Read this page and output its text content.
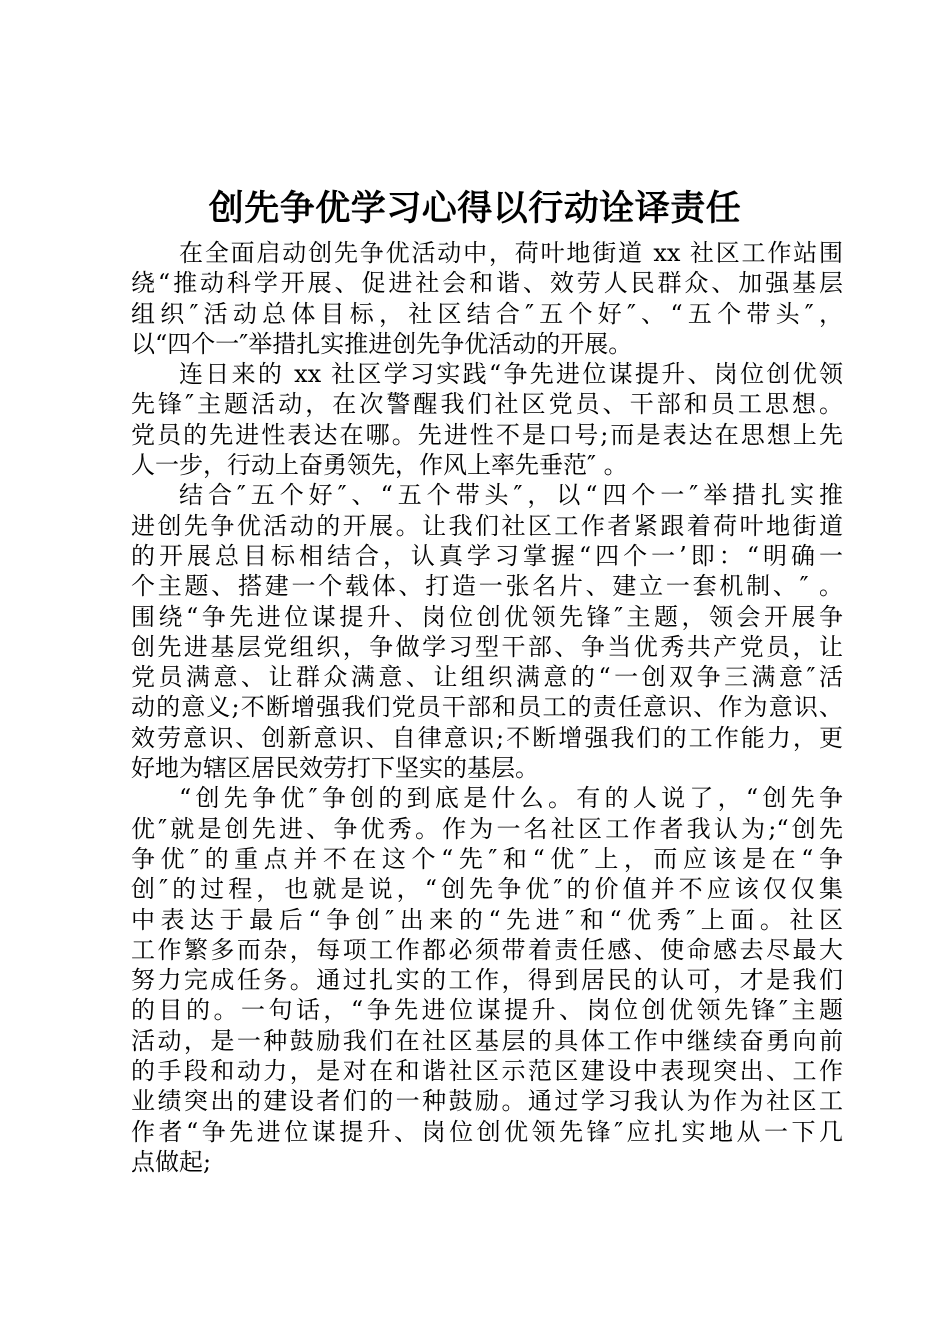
创先争优学习心得以行动诠译责任
在全面启动创先争优活动中，荷叶地街道 xx 社区工作站围
绕“推动科学开展、促进社会和谐、效劳人民群众、加强基层
组织″活动总体目标，社区结合″五个好″、“五个带头″，
以“四个一″举措扎实推进创先争优活动的开展。
连日来的 xx 社区学习实践“争先进位谋提升、岗位创优领
先锋″主题活动，在次警醒我们社区党员、干部和员工思想。
党员的先进性表达在哪。先进性不是口号;而是表达在思想上先
人一步，行动上奋勇领先，作风上率先垂范″ 。
结合″五个好″、“五个带头″，以“四个一″举措扎实推
进创先争优活动的开展。让我们社区工作者紧跟着荷叶地街道
的开展总目标相结合，认真学习掌握“四个一’即：“明确一
个主题、搭建一个载体、打造一张名片、建立一套机制、″ 。
围绕“争先进位谋提升、岗位创优领先锋″主题，领会开展争
创先进基层党组织，争做学习型干部、争当优秀共产党员，让
党员满意、让群众满意、让组织满意的“一创双争三满意″活
动的意义;不断增强我们党员干部和员工的责任意识、作为意识、
效劳意识、创新意识、自律意识;不断增强我们的工作能力，更
好地为辖区居民效劳打下坚实的基层。
“创先争优″争创的到底是什么。有的人说了，“创先争
优″就是创先进、争优秀。作为一名社区工作者我认为;“创先
争优″的重点并不在这个“先″和“优″上，而应该是在“争
创″的过程，也就是说，“创先争优″的价值并不应该仅仅集
中表达于最后“争创″出来的“先进″和“优秀″上面。社区
工作繁多而杂，每项工作都必须带着责任感、使命感去尽最大
努力完成任务。通过扎实的工作，得到居民的认可，才是我们
的目的。一句话，“争先进位谋提升、岗位创优领先锋″主题
活动，是一种鼓励我们在社区基层的具体工作中继续奋勇向前
的手段和动力，是对在和谐社区示范区建设中表现突出、工作
业绩突出的建设者们的一种鼓励。通过学习我认为作为社区工
作者“争先进位谋提升、岗位创优领先锋″应扎实地从一下几
点做起;
